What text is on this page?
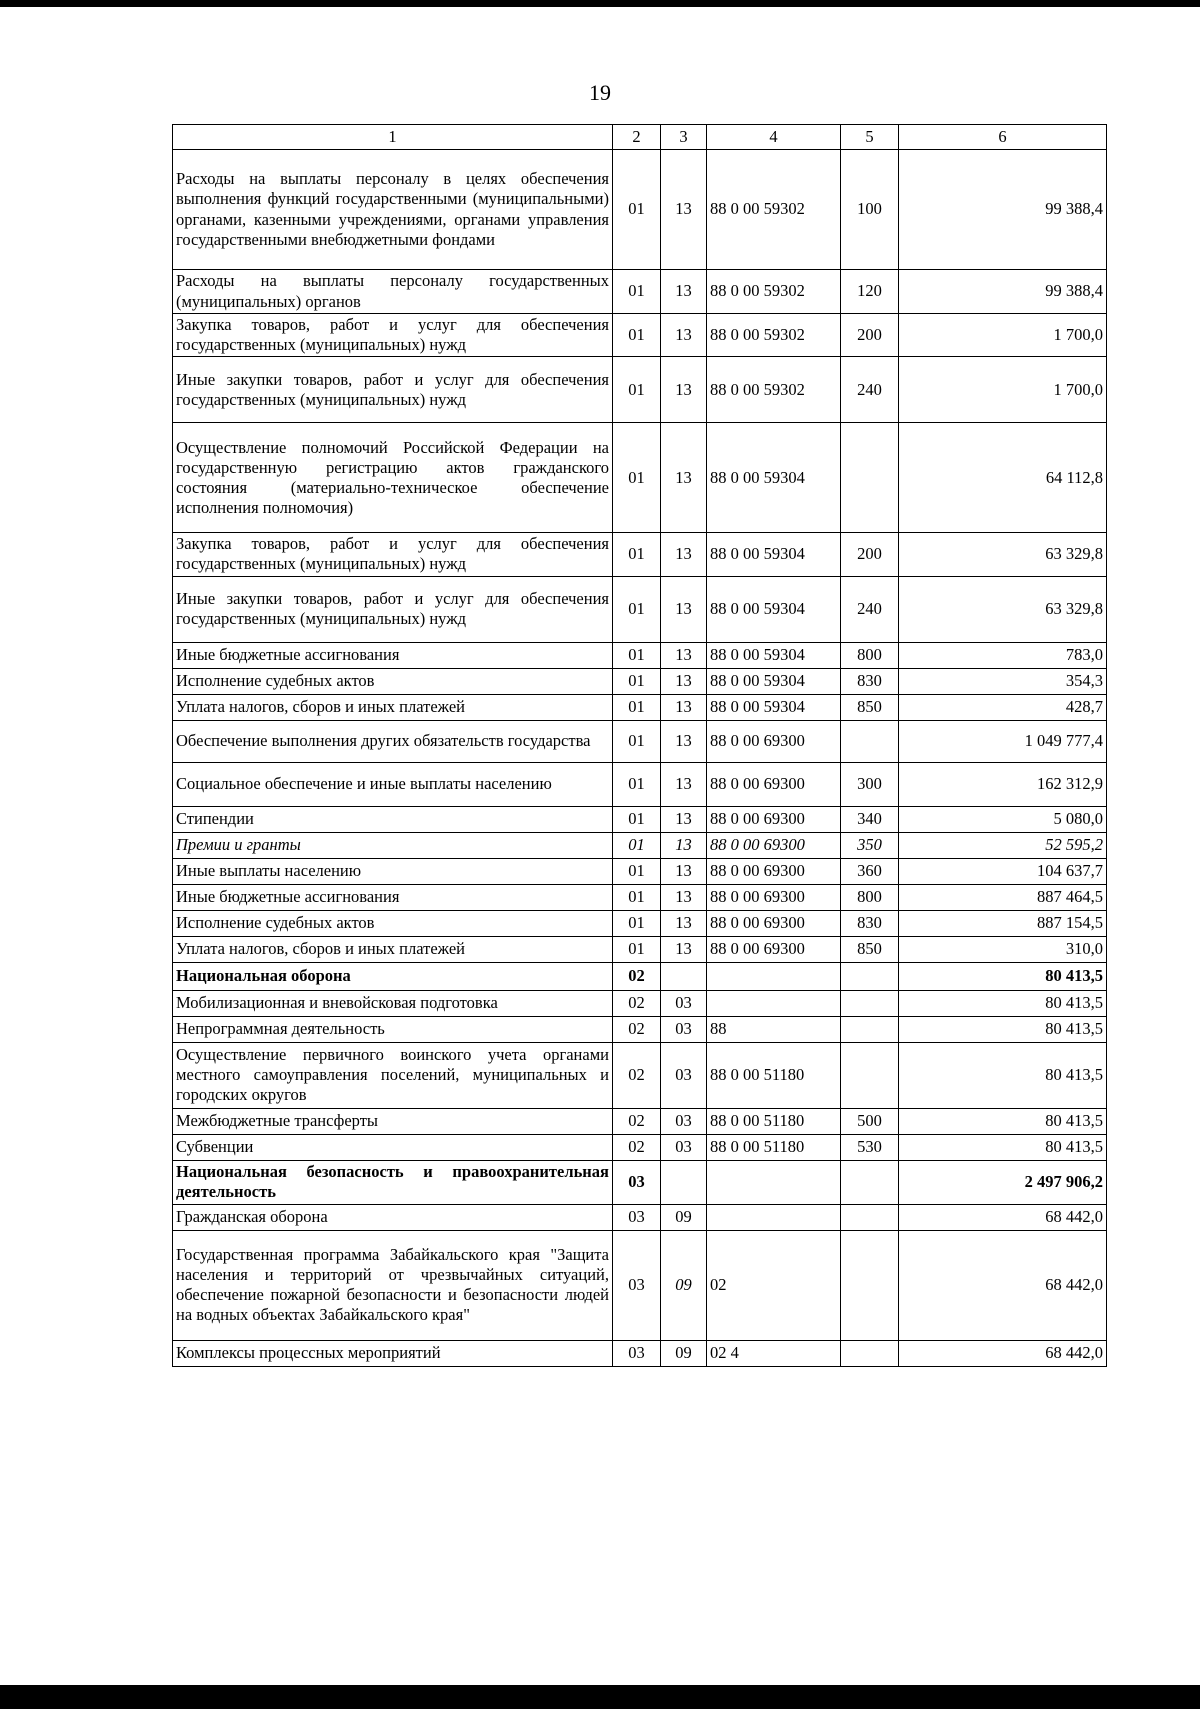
19
1	2	3	4	5	6
Расходы на выплаты персоналу в целях обеспечения выполнения функций государственными (муниципальными) органами, казенными учреждениями, органами управления государственными внебюджетными фондами	01	13	88 0 00 59302	100	99 388,4
Расходы на выплаты персоналу государственных (муниципальных) органов	01	13	88 0 00 59302	120	99 388,4
Закупка товаров, работ и услуг для обеспечения государственных (муниципальных) нужд	01	13	88 0 00 59302	200	1 700,0
Иные закупки товаров, работ и услуг для обеспечения государственных (муниципальных) нужд	01	13	88 0 00 59302	240	1 700,0
Осуществление полномочий Российской Федерации на государственную регистрацию актов гражданского состояния (материально-техническое обеспечение исполнения полномочия)	01	13	88 0 00 59304		64 112,8
Закупка товаров, работ и услуг для обеспечения государственных (муниципальных) нужд	01	13	88 0 00 59304	200	63 329,8
Иные закупки товаров, работ и услуг для обеспечения государственных (муниципальных) нужд	01	13	88 0 00 59304	240	63 329,8
Иные бюджетные ассигнования	01	13	88 0 00 59304	800	783,0
Исполнение судебных актов	01	13	88 0 00 59304	830	354,3
Уплата налогов, сборов и иных платежей	01	13	88 0 00 59304	850	428,7
Обеспечение выполнения других обязательств государства	01	13	88 0 00 69300		1 049 777,4
Социальное обеспечение и иные выплаты населению	01	13	88 0 00 69300	300	162 312,9
Стипендии	01	13	88 0 00 69300	340	5 080,0
Премии и гранты	01	13	88 0 00 69300	350	52 595,2
Иные выплаты населению	01	13	88 0 00 69300	360	104 637,7
Иные бюджетные ассигнования	01	13	88 0 00 69300	800	887 464,5
Исполнение судебных актов	01	13	88 0 00 69300	830	887 154,5
Уплата налогов, сборов и иных платежей	01	13	88 0 00 69300	850	310,0
Национальная оборона	02				80 413,5
Мобилизационная и вневойсковая подготовка	02	03			80 413,5
Непрограммная деятельность	02	03	88		80 413,5
Осуществление первичного воинского учета органами местного самоуправления поселений, муниципальных и городских округов	02	03	88 0 00 51180		80 413,5
Межбюджетные трансферты	02	03	88 0 00 51180	500	80 413,5
Субвенции	02	03	88 0 00 51180	530	80 413,5
Национальная безопасность и правоохранительная деятельность	03				2 497 906,2
Гражданская оборона	03	09			68 442,0
Государственная программа Забайкальского края "Защита населения и территорий от чрезвычайных ситуаций, обеспечение пожарной безопасности и безопасности людей на водных объектах Забайкальского края"	03	09	02		68 442,0
Комплексы процессных мероприятий	03	09	02 4		68 442,0
